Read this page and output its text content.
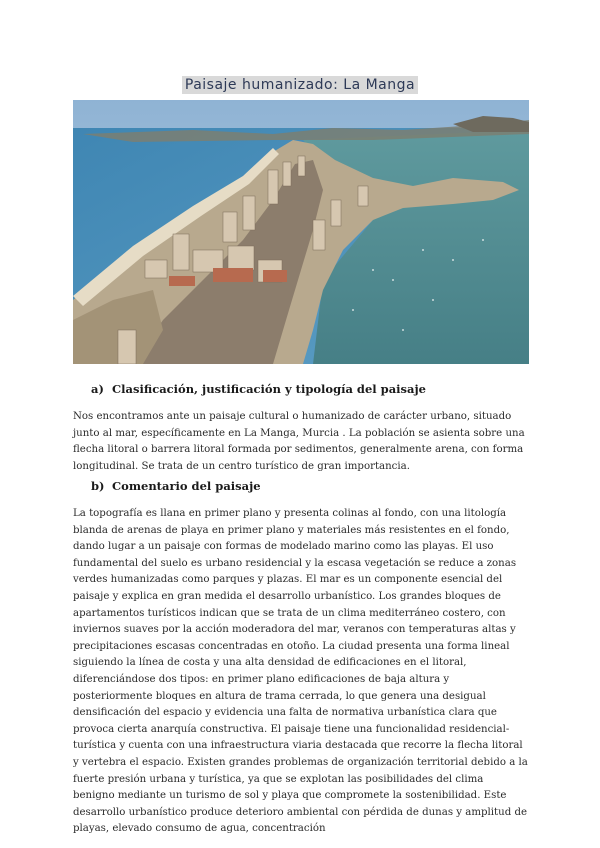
Paisaje humanizado: La Manga
a) Clasificación, justificación y tipología del paisaje
Nos encontramos ante un paisaje cultural o humanizado de carácter urbano, situado junto al mar, específicamente en La Manga, Murcia . La población se asienta sobre una flecha litoral o barrera litoral formada por sedimentos, generalmente arena, con forma longitudinal. Se trata de un centro turístico de gran importancia.
b) Comentario del paisaje
La topografía es llana en primer plano y presenta colinas al fondo, con una litología blanda de arenas de playa en primer plano y materiales más resistentes en el fondo, dando lugar a un paisaje con formas de modelado marino como las playas. El uso fundamental del suelo es urbano residencial y la escasa vegetación se reduce a zonas verdes humanizadas como parques y plazas. El mar es un componente esencial del paisaje y explica en gran medida el desarrollo urbanístico. Los grandes bloques de apartamentos turísticos indican que se trata de un clima mediterráneo costero, con inviernos suaves por la acción moderadora del mar, veranos con temperaturas altas y precipitaciones escasas concentradas en otoño. La ciudad presenta una forma lineal siguiendo la línea de costa y una alta densidad de edificaciones en el litoral, diferenciándose dos tipos: en primer plano edificaciones de baja altura y posteriormente bloques en altura de trama cerrada, lo que genera una desigual densificación del espacio y evidencia una falta de normativa urbanística clara que provoca cierta anarquía constructiva. El paisaje tiene una funcionalidad residencial-turística y cuenta con una infraestructura viaria destacada que recorre la flecha litoral y vertebra el espacio. Existen grandes problemas de organización territorial debido a la fuerte presión urbana y turística, ya que se explotan las posibilidades del clima benigno mediante un turismo de sol y playa que compromete la sostenibilidad. Este desarrollo urbanístico produce deterioro ambiental con pérdida de dunas y amplitud de playas, elevado consumo de agua, concentración
